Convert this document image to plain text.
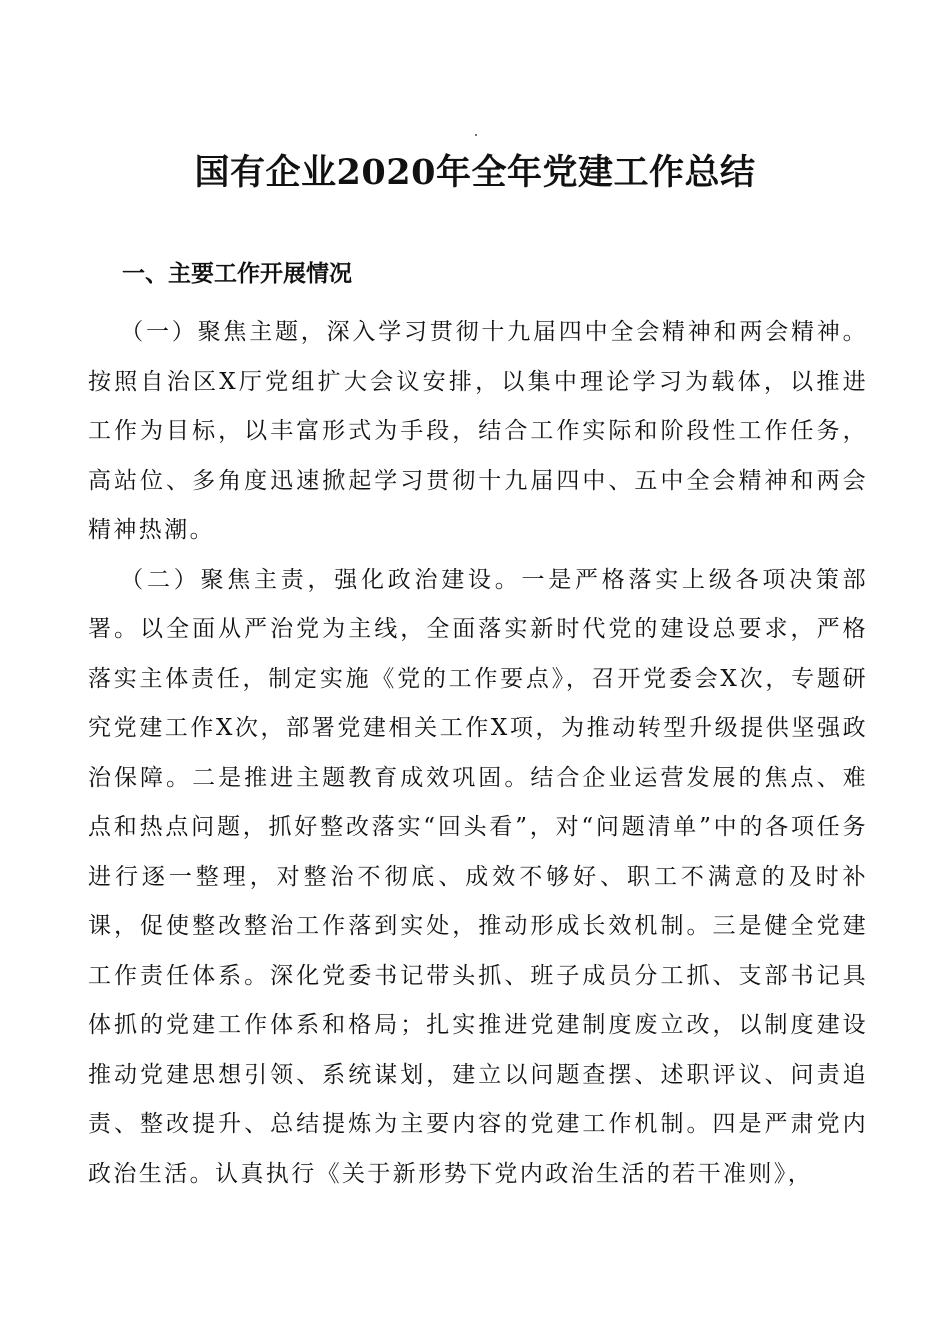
国有企业2020年全年党建工作总结
一、主要工作开展情况

（一）聚焦主题，深入学习贯彻十九届四中全会精神和两会精神。按照自治区X厅党组扩大会议安排，以集中理论学习为载体，以推进工作为目标，以丰富形式为手段，结合工作实际和阶段性工作任务，高站位、多角度迅速掀起学习贯彻十九届四中、五中全会精神和两会精神热潮。

（二）聚焦主责，强化政治建设。一是严格落实上级各项决策部署。以全面从严治党为主线，全面落实新时代党的建设总要求，严格落实主体责任，制定实施《党的工作要点》，召开党委会X次，专题研究党建工作X次，部署党建相关工作X项，为推动转型升级提供坚强政治保障。二是推进主题教育成效巩固。结合企业运营发展的焦点、难点和热点问题，抓好整改落实“回头看”，对“问题清单”中的各项任务进行逐一整理，对整治不彻底、成效不够好、职工不满意的及时补课，促使整改整治工作落到实处，推动形成长效机制。三是健全党建工作责任体系。深化党委书记带头抓、班子成员分工抓、支部书记具体抓的党建工作体系和格局；扎实推进党建制度废立改，以制度建设推动党建思想引领、系统谋划，建立以问题查摆、述职评议、问责追责、整改提升、总结提炼为主要内容的党建工作机制。四是严肃党内政治生活。认真执行《关于新形势下党内政治生活的若干准则》，
